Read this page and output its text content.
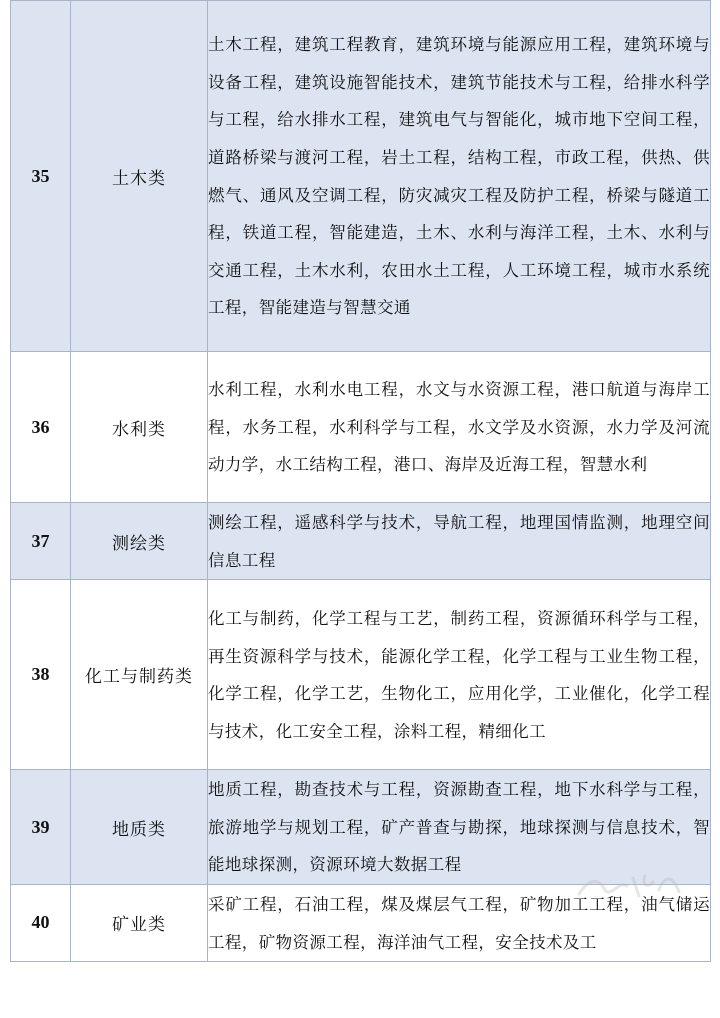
35	土木类	土木工程，建筑工程教育，建筑环境与能源应用工程，建筑环境与设备工程，建筑设施智能技术，建筑节能技术与工程，给排水科学与工程，给水排水工程，建筑电气与智能化，城市地下空间工程，道路桥梁与渡河工程，岩土工程，结构工程，市政工程，供热、供燃气、通风及空调工程，防灾减灾工程及防护工程，桥梁与隧道工程，铁道工程，智能建造，土木、水利与海洋工程，土木、水利与交通工程，土木水利，农田水土工程，人工环境工程，城市水系统工程，智能建造与智慧交通

36	水利类	水利工程，水利水电工程，水文与水资源工程，港口航道与海岸工程，水务工程，水利科学与工程，水文学及水资源，水力学及河流动力学，水工结构工程，港口、海岸及近海工程，智慧水利

37	测绘类	测绘工程，遥感科学与技术，导航工程，地理国情监测，地理空间信息工程

38	化工与制药类	化工与制药，化学工程与工艺，制药工程，资源循环科学与工程，再生资源科学与技术，能源化学工程，化学工程与工业生物工程，化学工程，化学工艺，生物化工，应用化学，工业催化，化学工程与技术，化工安全工程，涂料工程，精细化工

39	地质类	地质工程，勘查技术与工程，资源勘查工程，地下水科学与工程，旅游地学与规划工程，矿产普查与勘探，地球探测与信息技术，智能地球探测，资源环境大数据工程

40	矿业类	采矿工程，石油工程，煤及煤层气工程，矿物加工工程，油气储运工程，矿物资源工程，海洋油气工程，安全技术及工
